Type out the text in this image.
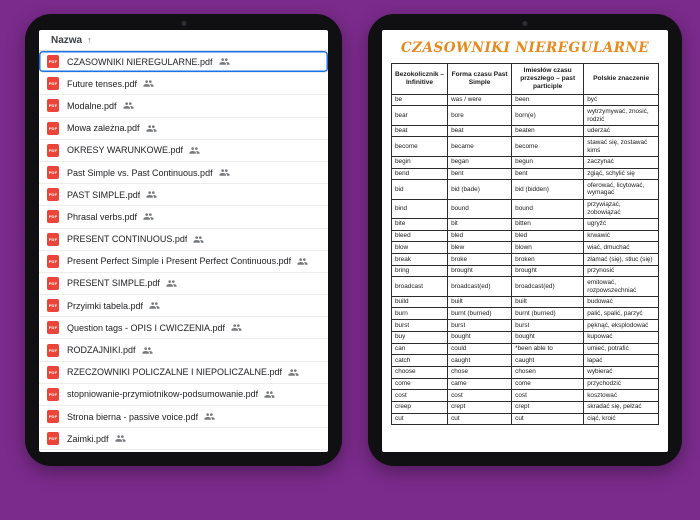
Nazwa ↑
PDF CZASOWNIKI NIEREGULARNE.pdf
PDF Future tenses.pdf
PDF Modalne.pdf
PDF Mowa zależna.pdf
PDF OKRESY WARUNKOWE.pdf
PDF Past Simple vs. Past Continuous.pdf
PDF PAST SIMPLE.pdf
PDF Phrasal verbs.pdf
PDF PRESENT CONTINUOUS.pdf
PDF Present Perfect Simple i Present Perfect Continuous.pdf
PDF PRESENT SIMPLE.pdf
PDF Przyimki tabela.pdf
PDF Question tags - OPIS I CWICZENIA.pdf
PDF RODZAJNIKI.pdf
PDF RZECZOWNIKI POLICZALNE I NIEPOLICZALNE.pdf
PDF stopniowanie-przymiotnikow-podsumowanie.pdf
PDF Strona bierna - passive voice.pdf
PDF Zaimki.pdf
CZASOWNIKI NIEREGULARNE
Bezokolicznik – Infinitive	Forma czasu Past Simple	Imiesłów czasu przeszłego – past participle	Polskie znaczenie
be	was / were	been	być
bear	bore	born(e)	wytrzymywać, znosić, rodzić
beat	beat	beaten	uderzać
become	became	become	stawać się, zostawać kimś
begin	began	begun	zaczynać
bend	bent	bent	zgiąć, schylić się
bid	bid (bade)	bid (bidden)	oferować, licytować, wymagać
bind	bound	bound	przywiązać, zobowiązać
bite	bit	bitten	ugryźć
bleed	bled	bled	krwawić
blow	blew	blown	wiać, dmuchać
break	broke	broken	złamać (się), stłuc (się)
bring	brought	brought	przynosić
broadcast	broadcast(ed)	broadcast(ed)	emitować, rozpowszechniać
build	built	built	budować
burn	burnt (burned)	burnt (burned)	palić, spalić, parzyć
burst	burst	burst	pęknąć, eksplodować
buy	bought	bought	kupować
can	could	*been able to	umieć, potrafić
catch	caught	caught	łapać
choose	chose	chosen	wybierać
come	came	come	przychodzić
cost	cost	cost	kosztować
creep	crept	crept	skradać się, pełzać
cut	cut	cut	ciąć, kroić
